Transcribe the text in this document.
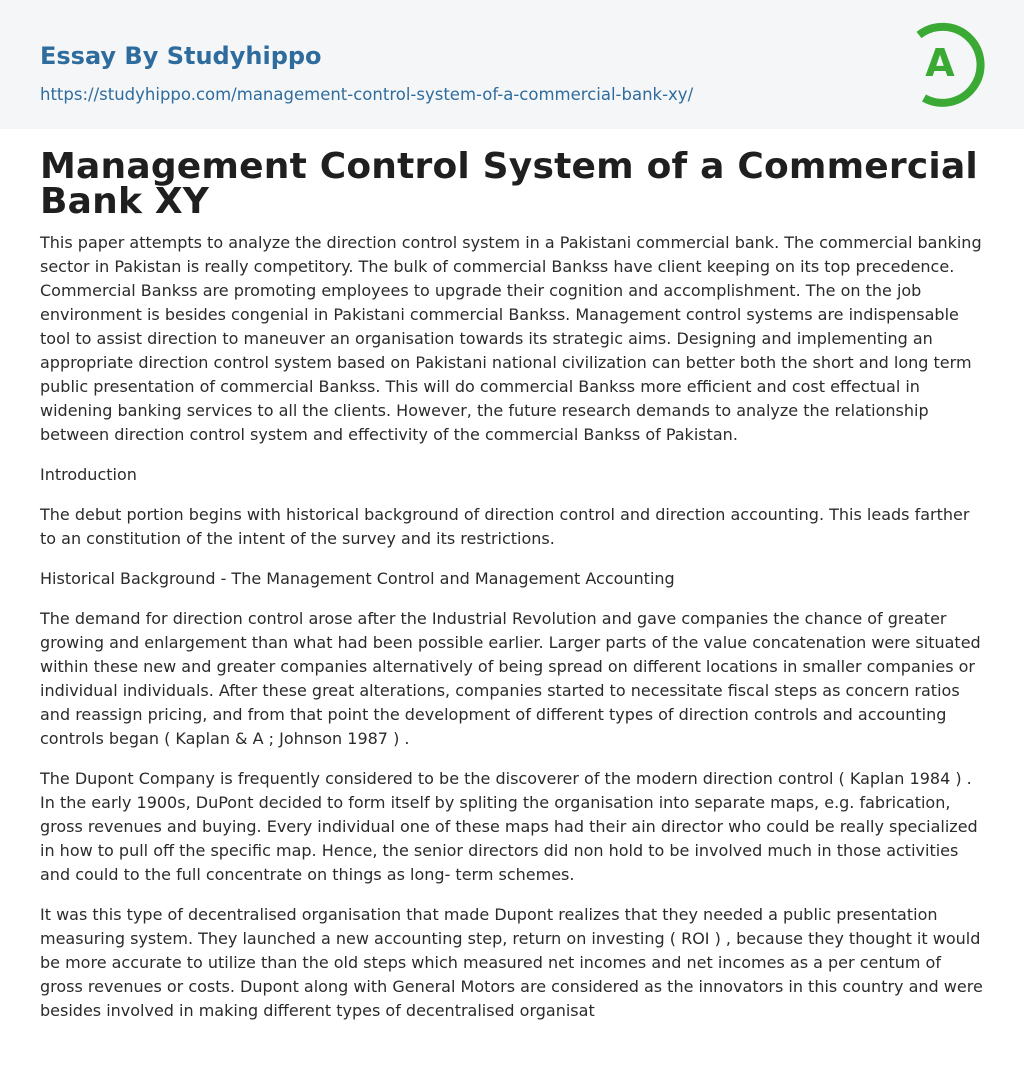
Essay By Studyhippo
https://studyhippo.com/management-control-system-of-a-commercial-bank-xy/
A
Management Control System of a Commercial Bank XY

This paper attempts to analyze the direction control system in a Pakistani commercial bank. The commercial banking sector in Pakistan is really competitory. The bulk of commercial Bankss have client keeping on its top precedence. Commercial Bankss are promoting employees to upgrade their cognition and accomplishment. The on the job environment is besides congenial in Pakistani commercial Bankss. Management control systems are indispensable tool to assist direction to maneuver an organisation towards its strategic aims. Designing and implementing an appropriate direction control system based on Pakistani national civilization can better both the short and long term public presentation of commercial Bankss. This will do commercial Bankss more efficient and cost effectual in widening banking services to all the clients. However, the future research demands to analyze the relationship between direction control system and effectivity of the commercial Bankss of Pakistan.

Introduction

The debut portion begins with historical background of direction control and direction accounting. This leads farther to an constitution of the intent of the survey and its restrictions.

Historical Background - The Management Control and Management Accounting

The demand for direction control arose after the Industrial Revolution and gave companies the chance of greater growing and enlargement than what had been possible earlier. Larger parts of the value concatenation were situated within these new and greater companies alternatively of being spread on different locations in smaller companies or individual individuals. After these great alterations, companies started to necessitate fiscal steps as concern ratios and reassign pricing, and from that point the development of different types of direction controls and accounting controls began ( Kaplan & A ; Johnson 1987 ) .

The Dupont Company is frequently considered to be the discoverer of the modern direction control ( Kaplan 1984 ) . In the early 1900s, DuPont decided to form itself by spliting the organisation into separate maps, e.g. fabrication, gross revenues and buying. Every individual one of these maps had their ain director who could be really specialized in how to pull off the specific map. Hence, the senior directors did non hold to be involved much in those activities and could to the full concentrate on things as long- term schemes.

It was this type of decentralised organisation that made Dupont realizes that they needed a public presentation measuring system. They launched a new accounting step, return on investing ( ROI ) , because they thought it would be more accurate to utilize than the old steps which measured net incomes and net incomes as a per centum of gross revenues or costs. Dupont along with General Motors are considered as the innovators in this country and were besides involved in making different types of decentralised organisat
